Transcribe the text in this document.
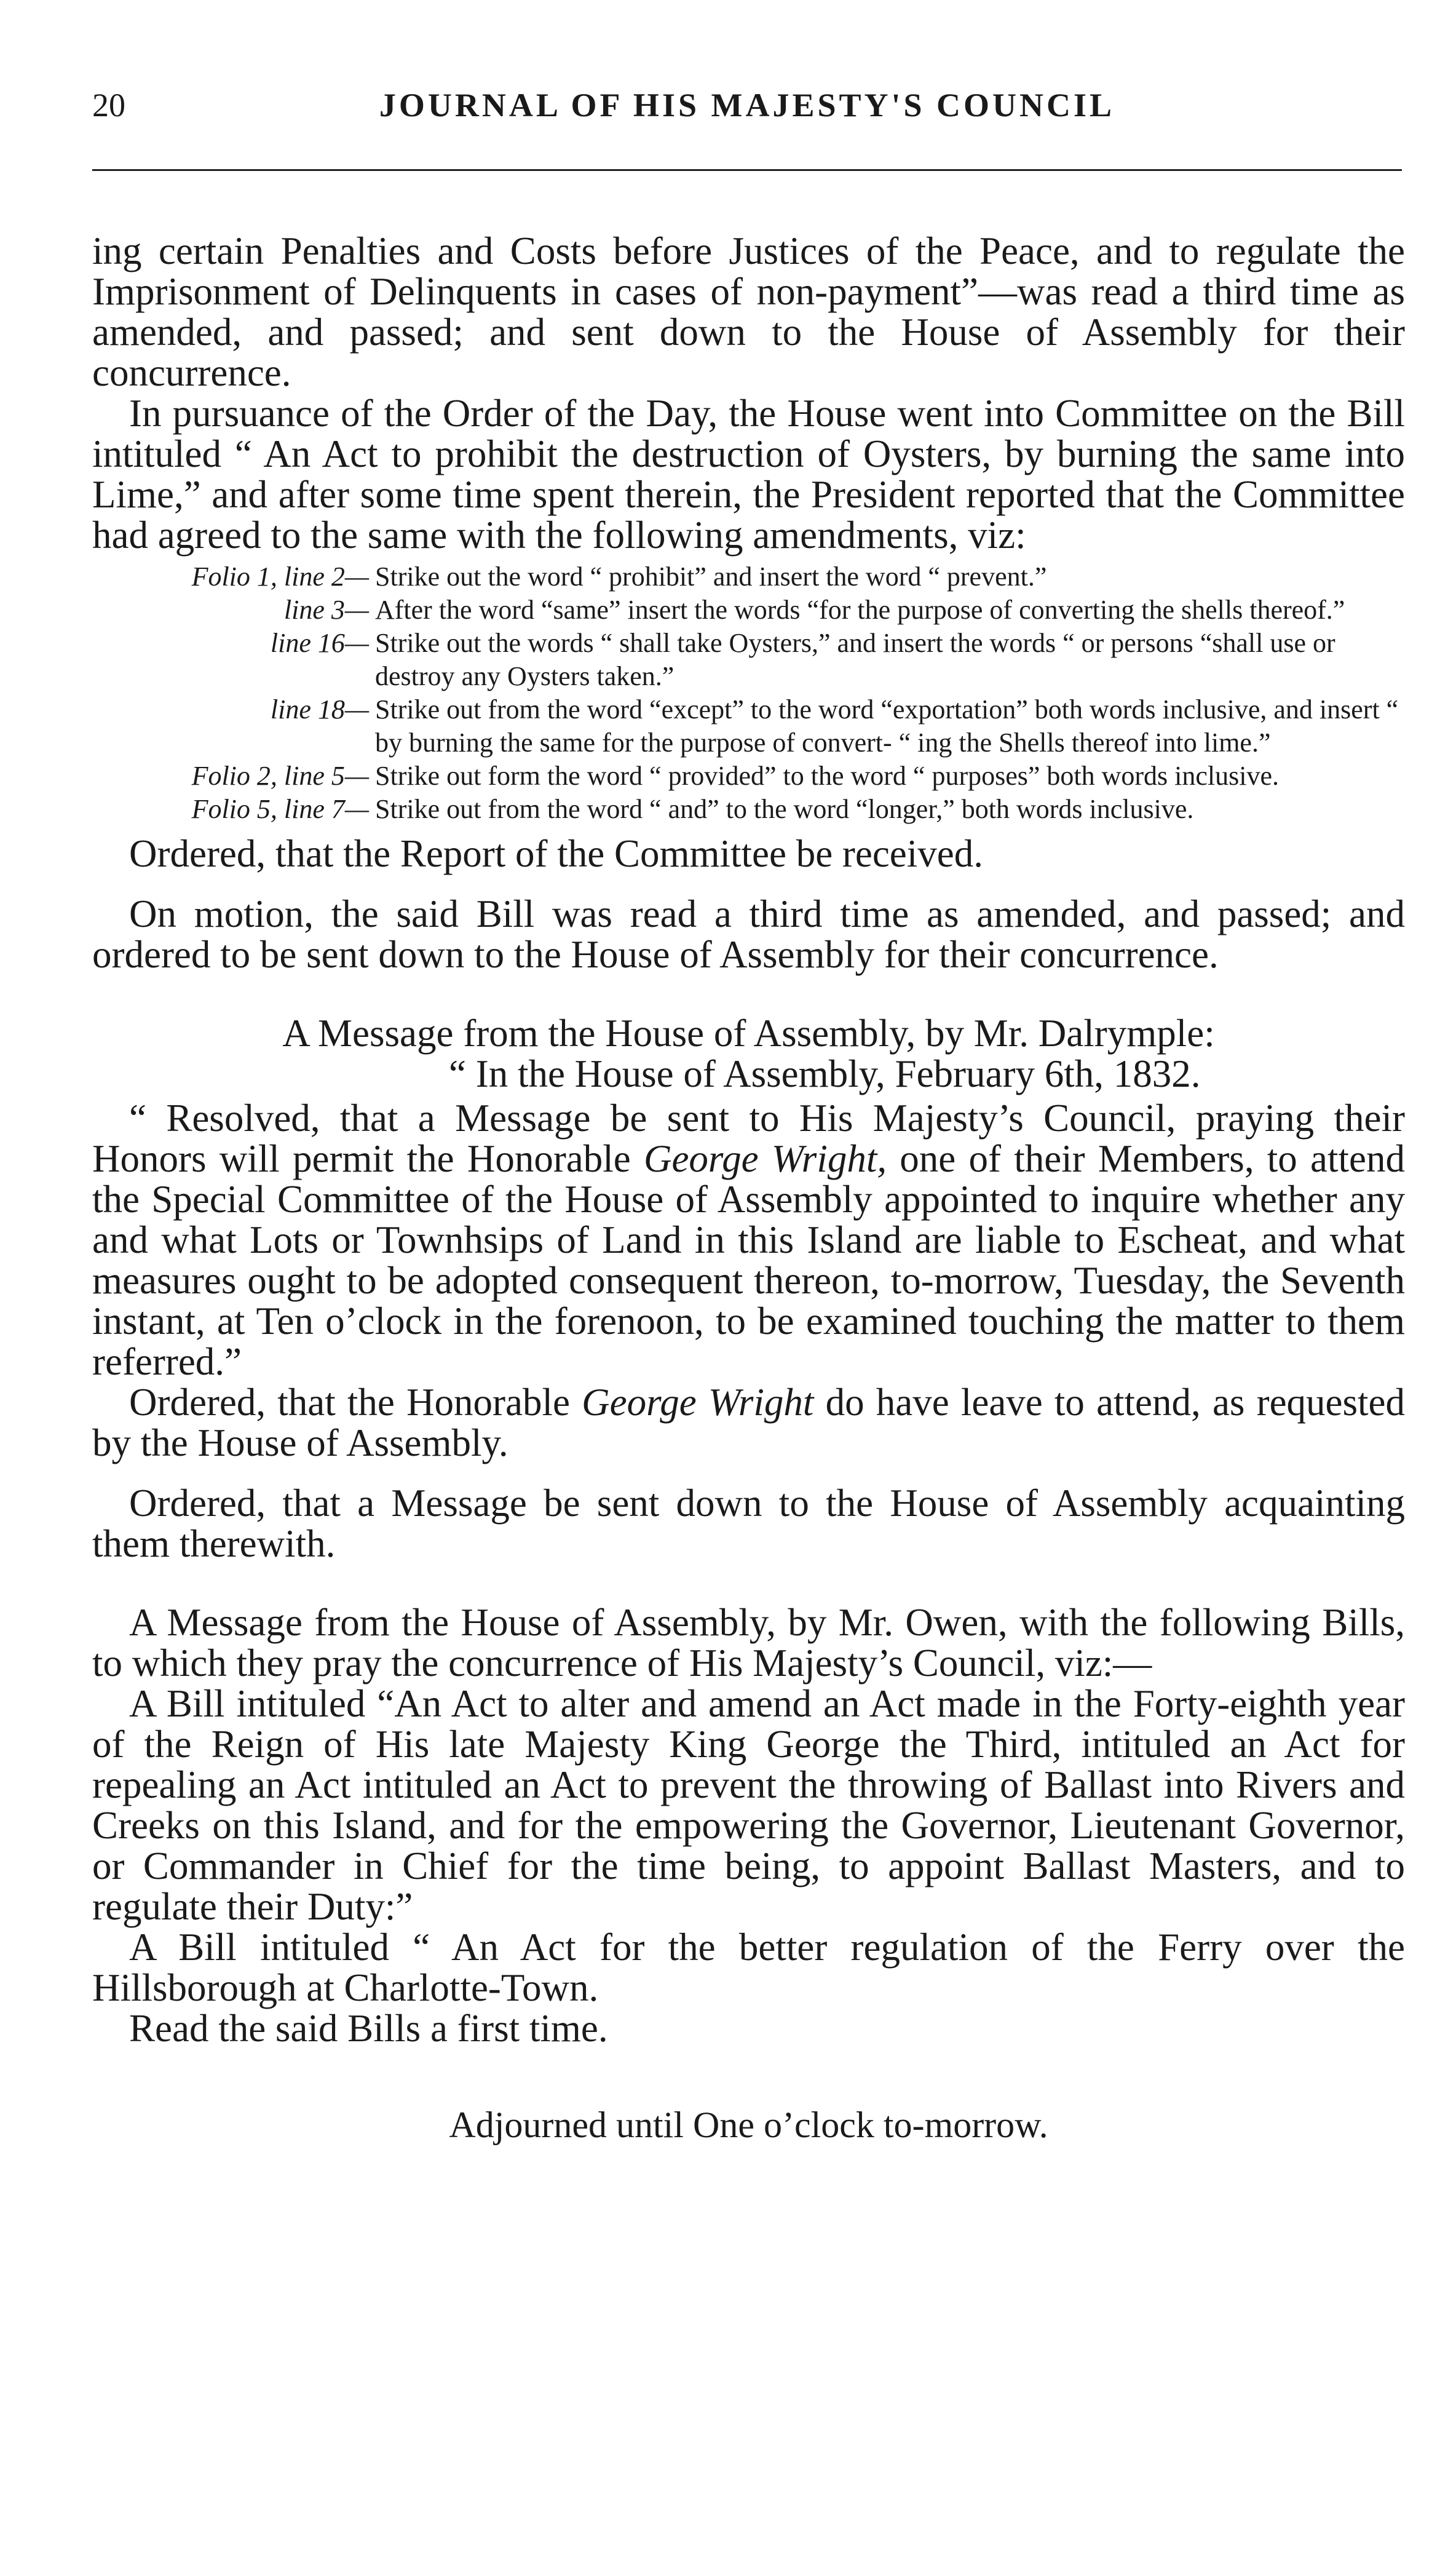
20	JOURNAL OF HIS MAJESTY'S COUNCIL

ing certain Penalties and Costs before Justices of the Peace, and to regulate the Imprisonment of Delinquents in cases of non-payment”—was read a third time as amended, and passed; and sent down to the House of Assembly for their concurrence.

In pursuance of the Order of the Day, the House went into Committee on the Bill intituled “ An Act to prohibit the destruction of Oysters, by burning the same into Lime,” and after some time spent therein, the President reported that the Committee had agreed to the same with the following amendments, viz:

Folio 1, line 2— Strike out the word “ prohibit” and insert the word “ prevent.”
line 3— After the word “same” insert the words “for the purpose of converting the shells thereof.”
line 16— Strike out the words “ shall take Oysters,” and insert the words “ or persons “shall use or destroy any Oysters taken.”
line 18— Strike out from the word “except” to the word “exportation” both words inclusive, and insert “ by burning the same for the purpose of convert- “ ing the Shells thereof into lime.”
Folio 2, line 5— Strike out form the word “ provided” to the word “ purposes” both words inclusive.
Folio 5, line 7— Strike out from the word “ and” to the word “longer,” both words inclusive.

Ordered, that the Report of the Committee be received.

On motion, the said Bill was read a third time as amended, and passed; and ordered to be sent down to the House of Assembly for their concurrence.

A Message from the House of Assembly, by Mr. Dalrymple:

“ In the House of Assembly, February 6th, 1832.

“ Resolved, that a Message be sent to His Majesty’s Council, praying their Honors will permit the Honorable George Wright, one of their Members, to attend the Special Committee of the House of Assembly appointed to inquire whether any and what Lots or Townhsips of Land in this Island are liable to Escheat, and what measures ought to be adopted consequent thereon, to-morrow, Tuesday, the Seventh instant, at Ten o’clock in the forenoon, to be examined touching the matter to them referred.”

Ordered, that the Honorable George Wright do have leave to attend, as requested by the House of Assembly.

Ordered, that a Message be sent down to the House of Assembly acquainting them therewith.

A Message from the House of Assembly, by Mr. Owen, with the following Bills, to which they pray the concurrence of His Majesty’s Council, viz:—

A Bill intituled “An Act to alter and amend an Act made in the Forty-eighth year of the Reign of His late Majesty King George the Third, intituled an Act for repealing an Act intituled an Act to prevent the throwing of Ballast into Rivers and Creeks on this Island, and for the empowering the Governor, Lieutenant Governor, or Commander in Chief for the time being, to appoint Ballast Masters, and to regulate their Duty:”

A Bill intituled “ An Act for the better regulation of the Ferry over the Hillsborough at Charlotte-Town.

Read the said Bills a first time.

Adjourned until One o’clock to-morrow.
